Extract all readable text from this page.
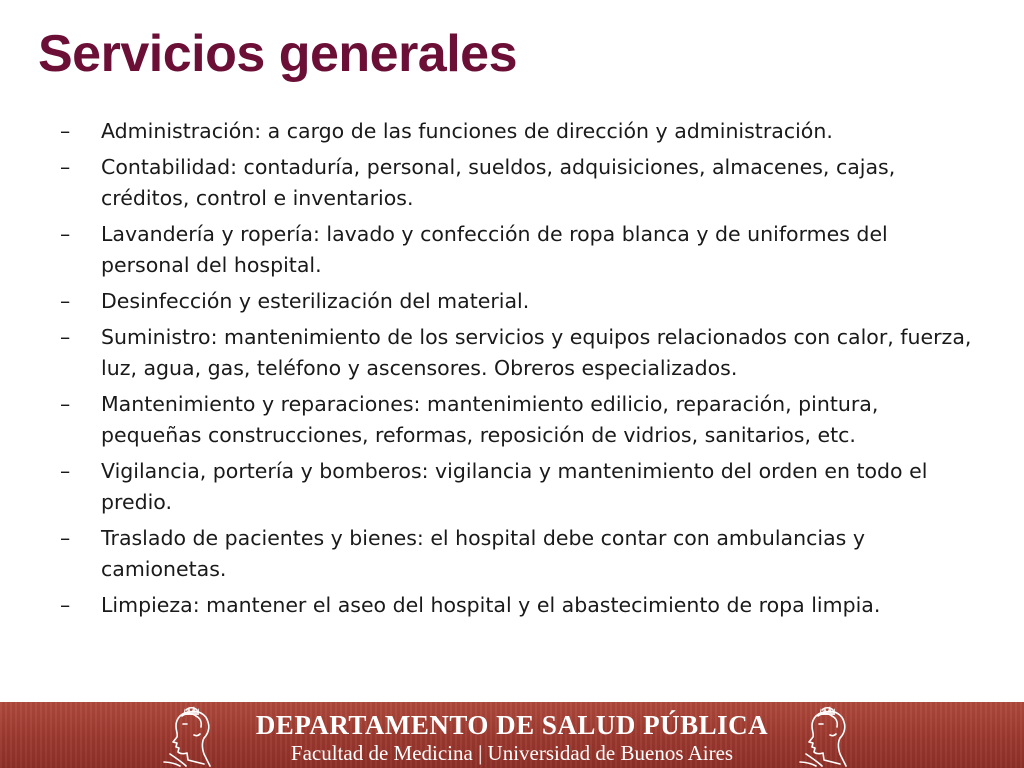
Servicios generales
–	Administración: a cargo de las funciones de dirección y administración.
–	Contabilidad: contaduría, personal, sueldos, adquisiciones, almacenes, cajas, créditos, control e inventarios.
–	Lavandería y ropería: lavado y confección de ropa blanca y de uniformes del personal del hospital.
–	Desinfección y esterilización del material.
–	Suministro: mantenimiento de los servicios y equipos relacionados con calor, fuerza, luz, agua, gas, teléfono y ascensores. Obreros especializados.
–	Mantenimiento y reparaciones: mantenimiento edilicio, reparación, pintura, pequeñas construcciones, reformas, reposición de vidrios, sanitarios, etc.
–	Vigilancia, portería y bomberos: vigilancia y mantenimiento del orden en todo el predio.
–	Traslado de pacientes y bienes: el hospital debe contar con ambulancias y camionetas.
–	Limpieza: mantener el aseo del hospital y el abastecimiento de ropa limpia.
DEPARTAMENTO DE SALUD PÚBLICA
Facultad de Medicina | Universidad de Buenos Aires
